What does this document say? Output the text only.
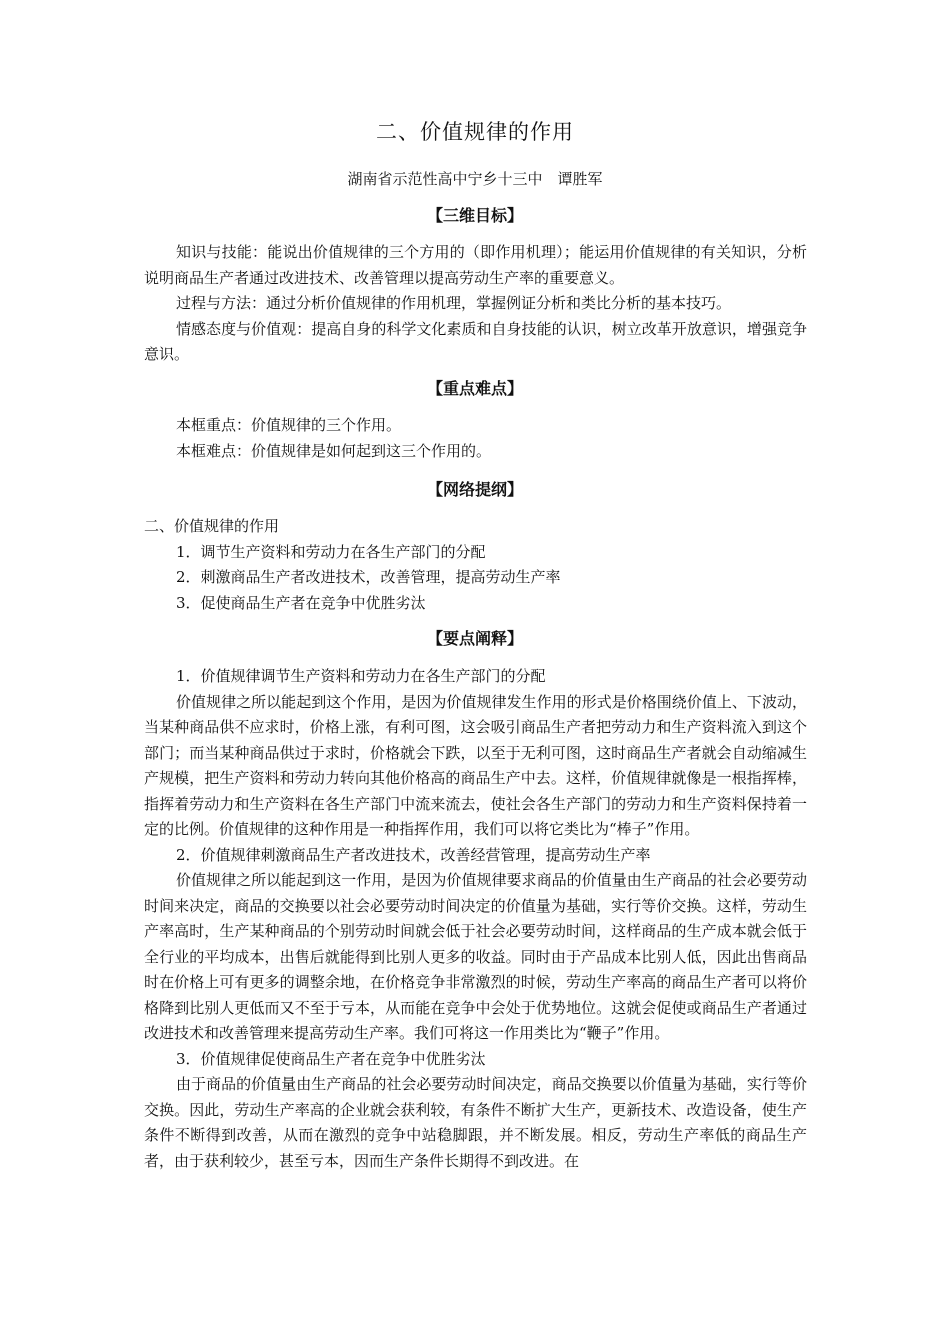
二、价值规律的作用
湖南省示范性高中宁乡十三中　谭胜军
【三维目标】

知识与技能：能说出价值规律的三个方用的（即作用机理）；能运用价值规律的有关知识，分析说明商品生产者通过改进技术、改善管理以提高劳动生产率的重要意义。

过程与方法：通过分析价值规律的作用机理，掌握例证分析和类比分析的基本技巧。

情感态度与价值观：提高自身的科学文化素质和自身技能的认识，树立改革开放意识，增强竞争意识。

【重点难点】

本框重点：价值规律的三个作用。

本框难点：价值规律是如何起到这三个作用的。

【网络提纲】

二、价值规律的作用

1．调节生产资料和劳动力在各生产部门的分配

2．刺激商品生产者改进技术，改善管理，提高劳动生产率

3．促使商品生产者在竞争中优胜劣汰

【要点阐释】

1．价值规律调节生产资料和劳动力在各生产部门的分配

价值规律之所以能起到这个作用，是因为价值规律发生作用的形式是价格围绕价值上、下波动，当某种商品供不应求时，价格上涨，有利可图，这会吸引商品生产者把劳动力和生产资料流入到这个部门；而当某种商品供过于求时，价格就会下跌，以至于无利可图，这时商品生产者就会自动缩减生产规模，把生产资料和劳动力转向其他价格高的商品生产中去。这样，价值规律就像是一根指挥棒，指挥着劳动力和生产资料在各生产部门中流来流去，使社会各生产部门的劳动力和生产资料保持着一定的比例。价值规律的这种作用是一种指挥作用，我们可以将它类比为“棒子”作用。

2．价值规律刺激商品生产者改进技术，改善经营管理，提高劳动生产率

价值规律之所以能起到这一作用，是因为价值规律要求商品的价值量由生产商品的社会必要劳动时间来决定，商品的交换要以社会必要劳动时间决定的价值量为基础，实行等价交换。这样，劳动生产率高时，生产某种商品的个别劳动时间就会低于社会必要劳动时间，这样商品的生产成本就会低于全行业的平均成本，出售后就能得到比别人更多的收益。同时由于产品成本比别人低，因此出售商品时在价格上可有更多的调整余地，在价格竞争非常激烈的时候，劳动生产率高的商品生产者可以将价格降到比别人更低而又不至于亏本，从而能在竞争中会处于优势地位。这就会促使或商品生产者通过改进技术和改善管理来提高劳动生产率。我们可将这一作用类比为“鞭子”作用。

3．价值规律促使商品生产者在竞争中优胜劣汰

由于商品的价值量由生产商品的社会必要劳动时间决定，商品交换要以价值量为基础，实行等价交换。因此，劳动生产率高的企业就会获利较，有条件不断扩大生产，更新技术、改造设备，使生产条件不断得到改善，从而在激烈的竞争中站稳脚跟，并不断发展。相反，劳动生产率低的商品生产者，由于获利较少，甚至亏本，因而生产条件长期得不到改进。在
